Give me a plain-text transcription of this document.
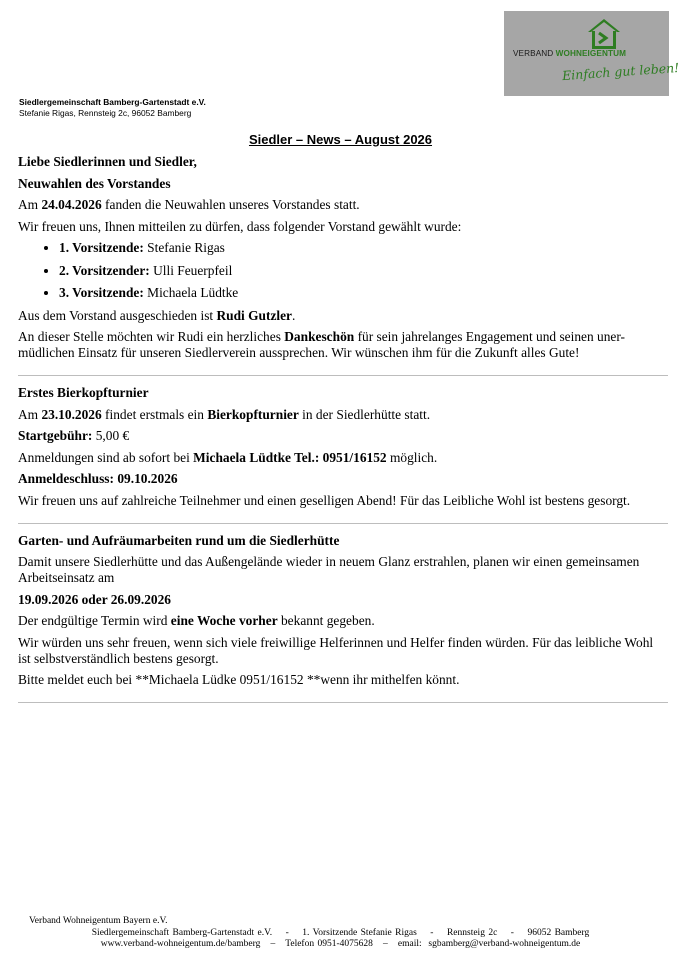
VERBAND WOHNEIGENTUM
Einfach gut leben!
Siedlergemeinschaft Bamberg-Gartenstadt e.V.
Stefanie Rigas, Rennsteig 2c, 96052 Bamberg
Siedler – News – August 2026

Liebe Siedlerinnen und Siedler,

Neuwahlen des Vorstandes

Am 24.04.2026 fanden die Neuwahlen unseres Vorstandes statt.

Wir freuen uns, Ihnen mitteilen zu dürfen, dass folgender Vorstand gewählt wurde:

• 1. Vorsitzende: Stefanie Rigas
• 2. Vorsitzender: Ulli Feuerpfeil
• 3. Vorsitzende: Michaela Lüdtke

Aus dem Vorstand ausgeschieden ist Rudi Gutzler.

An dieser Stelle möchten wir Rudi ein herzliches Dankeschön für sein jahrelanges Engagement und seinen uner-
müdlichen Einsatz für unseren Siedlerverein aussprechen. Wir wünschen ihm für die Zukunft alles Gute!

Erstes Bierkopfturnier

Am 23.10.2026 findet erstmals ein Bierkopfturnier in der Siedlerhütte statt.

Startgebühr: 5,00 €

Anmeldungen sind ab sofort bei Michaela Lüdtke Tel.: 0951/16152 möglich.

Anmeldeschluss: 09.10.2026

Wir freuen uns auf zahlreiche Teilnehmer und einen geselligen Abend! Für das Leibliche Wohl ist bestens gesorgt.

Garten- und Aufräumarbeiten rund um die Siedlerhütte

Damit unsere Siedlerhütte und das Außengelände wieder in neuem Glanz erstrahlen, planen wir einen gemeinsamen Arbeitseinsatz am

19.09.2026 oder 26.09.2026

Der endgültige Termin wird eine Woche vorher bekannt gegeben.

Wir würden uns sehr freuen, wenn sich viele freiwillige Helferinnen und Helfer finden würden. Für das leibliche Wohl ist selbstverständlich bestens gesorgt.

Bitte meldet euch bei **Michaela Lüdke 0951/16152 **wenn ihr mithelfen könnt.

Verband Wohneigentum Bayern e.V.
Siedlergemeinschaft Bamberg-Gartenstadt e.V.    -    1. Vorsitzende Stefanie Rigas    -    Rennsteig 2c    -    96052 Bamberg
www.verband-wohneigentum.de/bamberg   –   Telefon 0951-4075628   –   email:  sgbamberg@verband-wohneigentum.de
